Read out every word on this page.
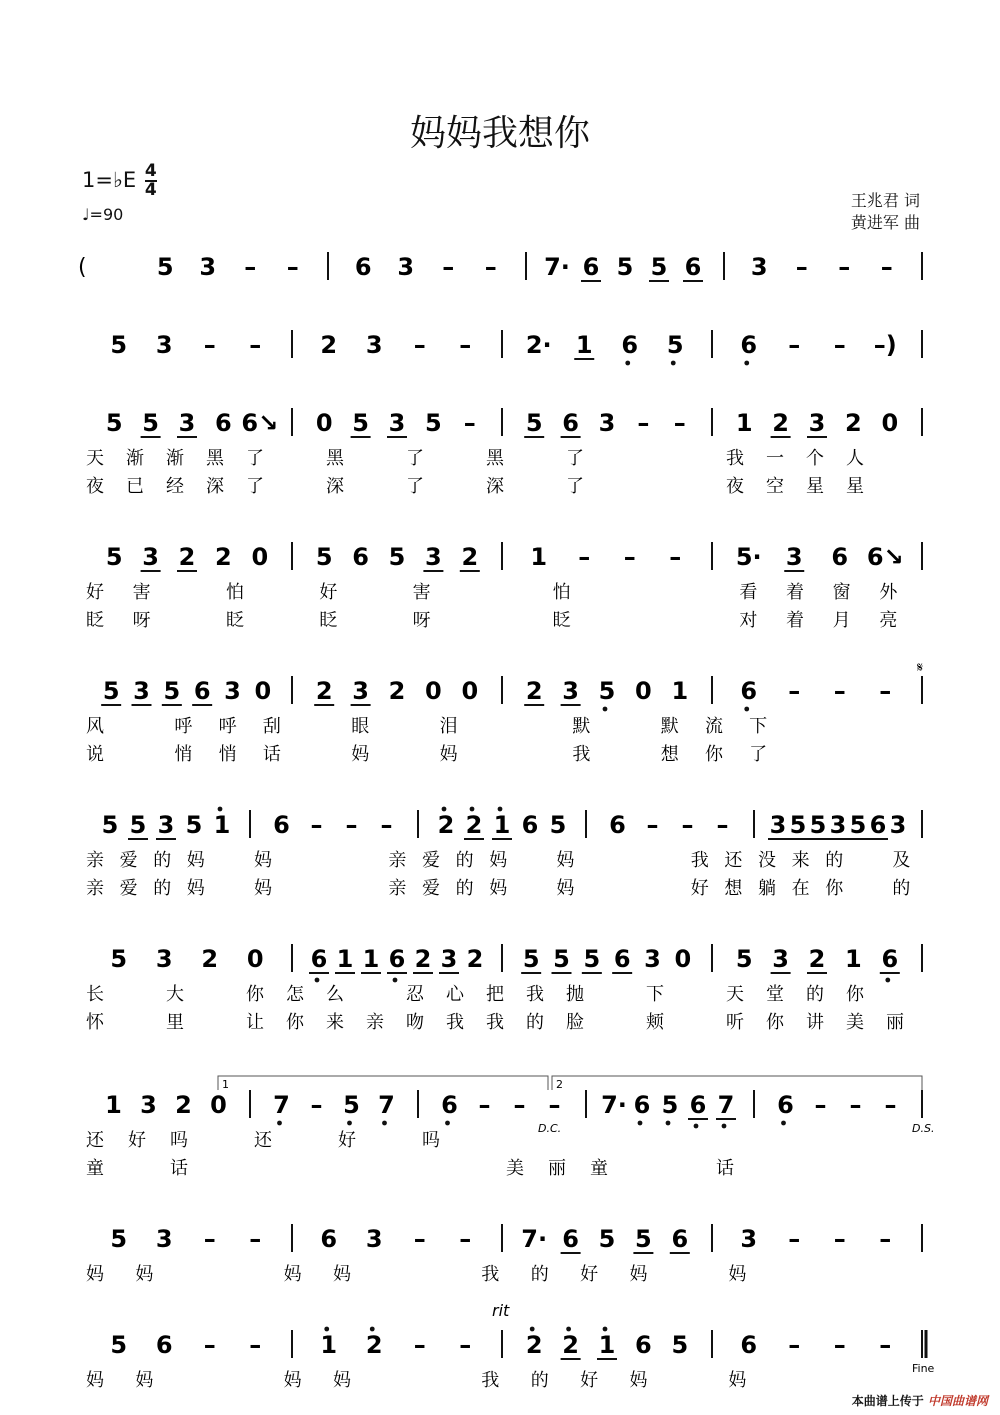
妈妈我想你
1=♭E $\frac{4}{4}$
♩=90
王兆君 词
黄进军 曲
(	5 3 – – 6 3 – – 7· 6 5 5 6 3 – – –
5 3 – – 2 3 – – 2· 1 6 5 6 – – –)
5 5 3 6 6↘ 0 5 3 5 – 5 6 3 – – 1 2 3 2 0
天 渐 渐 黑 了	黑	了	黑	了	我 一 个 人
夜 已 经 深 了	深	了	深	了	夜 空 星 星
5 3 2 2 0 5 6 5 3 2 1 – – – 5· 3 6 6↘
好 害	怕	好	害	怕	看 着 窗 外
眨 呀	眨	眨	呀	眨	对 着 月 亮
5 3 5 6 3 0 2 3 2 0 0 2 3 5 0 1 6 – – –
𝄋
风	呼 呼 刮	眼	泪	默	默 流 下
说	悄 悄 话	妈	妈	我	想 你 了
5 5 3 5 1 6 – – – 2 2 1 6 5 6 – – – 3 5 5 3 5 6 3
亲 爱 的 妈	妈	亲 爱 的 妈	妈	我 还 没 来 的	及
亲 爱 的 妈	妈	亲 爱 的 妈	妈	好 想 躺 在 你	的
5 3 2 0 6 1 1 6 2 3 2 5 5 5 6 3 0 5 3 2 1 6
长	大	你 怎 么	忍 心 把 我 抛	下	天 堂 的 你
怀	里	让 你 来 亲 吻 我 我 的 脸	颊	听 你 讲 美 丽
1 3 2 0 7 – 5 7 6 – – – 7· 6 5 6 7 6 – – –
还 好 吗	还	好	吗
童	话	美 丽 童	话
5 3 – – 6 3 – – 7· 6 5 5 6 3 – – –
妈 妈	妈 妈	我 的 好 妈	妈
5 6 – – 1 2 – – 2 2 1 6 5 6 – – –
妈 妈	妈 妈	我 的 好 妈	妈
1	2
D.C.	D.S.
rit
Fine
本曲谱上传于 中国曲谱网
